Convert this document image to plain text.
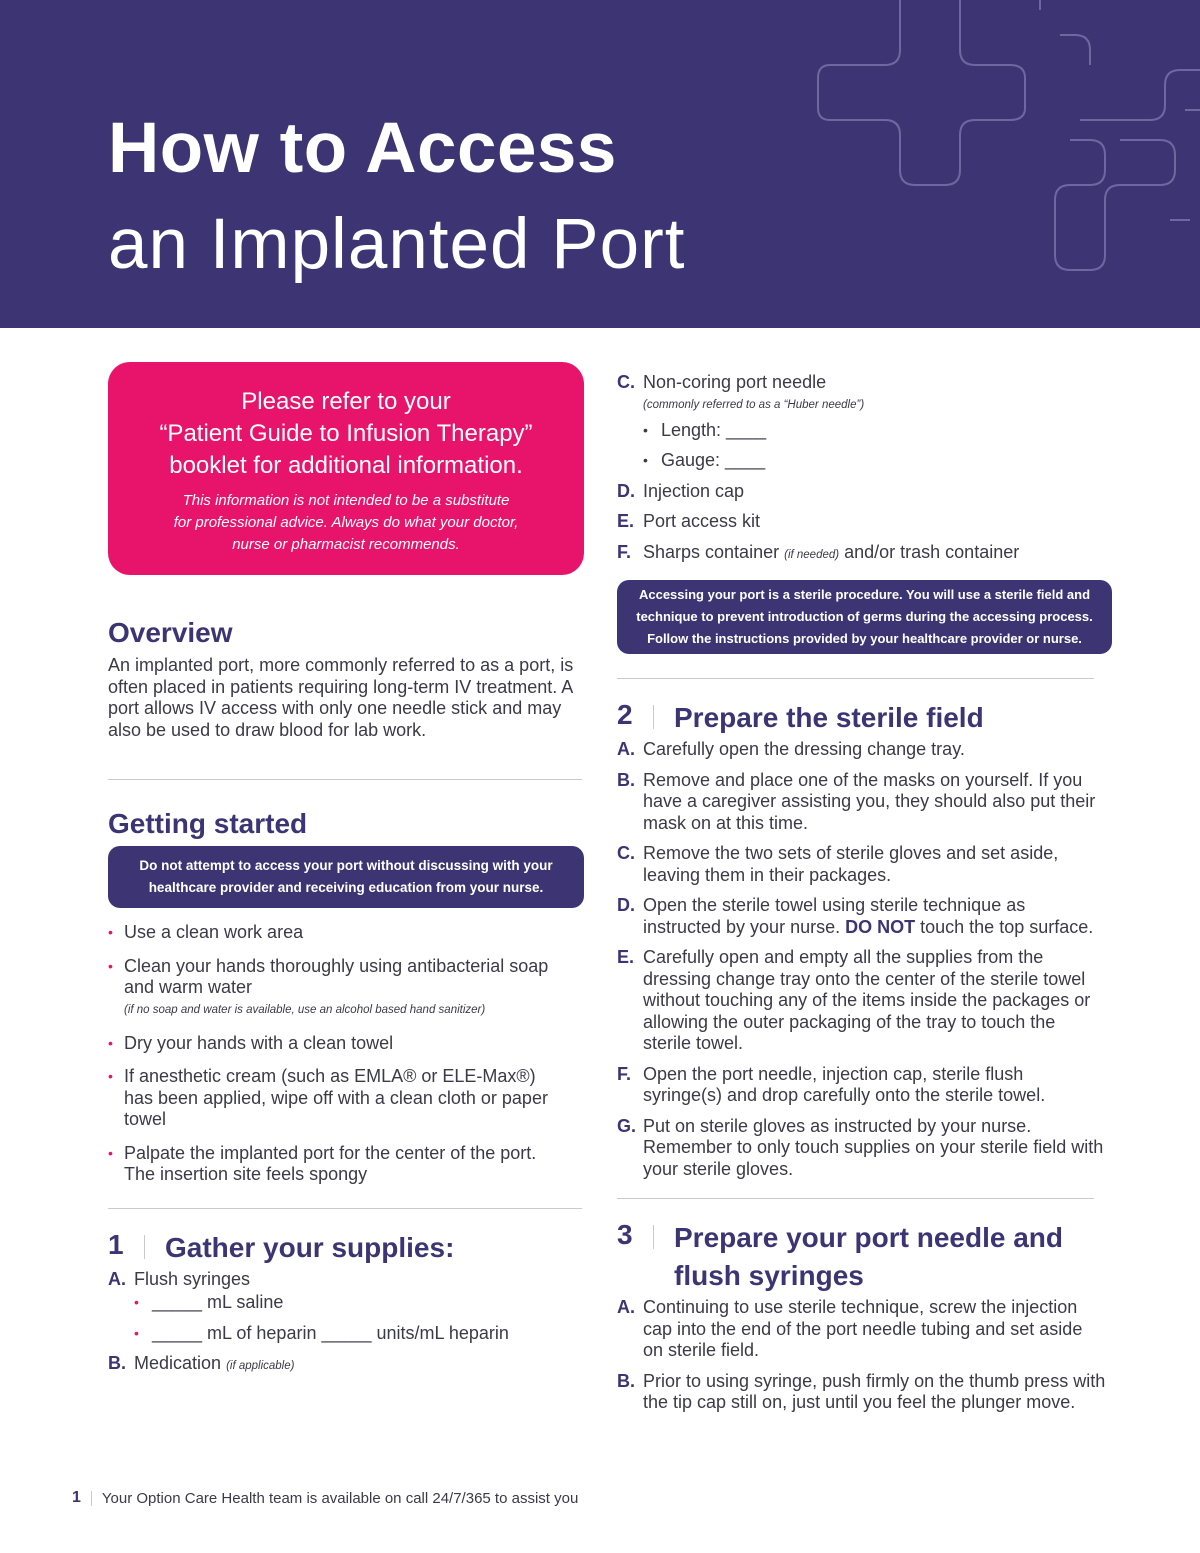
How to Access
an Implanted Port
Please refer to your
“Patient Guide to Infusion Therapy”
booklet for additional information.
This information is not intended to be a substitute
for professional advice. Always do what your doctor,
nurse or pharmacist recommends.
Overview
An implanted port, more commonly referred to as a port, is often placed in patients requiring long-term IV treatment. A port allows IV access with only one needle stick and may also be used to draw blood for lab work.
Getting started
Do not attempt to access your port without discussing with your
healthcare provider and receiving education from your nurse.
• Use a clean work area
• Clean your hands thoroughly using antibacterial soap and warm water
(if no soap and water is available, use an alcohol based hand sanitizer)
• Dry your hands with a clean towel
• If anesthetic cream (such as EMLA® or ELE-Max®) has been applied, wipe off with a clean cloth or paper towel
• Palpate the implanted port for the center of the port. The insertion site feels spongy
1	Gather your supplies:
A. Flush syringes
• _____ mL saline
• _____ mL of heparin _____ units/mL heparin
B. Medication (if applicable)
C. Non-coring port needle
(commonly referred to as a “Huber needle”)
• Length: ____
• Gauge: ____
D. Injection cap
E. Port access kit
F. Sharps container (if needed) and/or trash container
Accessing your port is a sterile procedure. You will use a sterile field and
technique to prevent introduction of germs during the accessing process.
Follow the instructions provided by your healthcare provider or nurse.
2	Prepare the sterile field
A. Carefully open the dressing change tray.
B. Remove and place one of the masks on yourself. If you have a caregiver assisting you, they should also put their mask on at this time.
C. Remove the two sets of sterile gloves and set aside, leaving them in their packages.
D. Open the sterile towel using sterile technique as instructed by your nurse. DO NOT touch the top surface.
E. Carefully open and empty all the supplies from the dressing change tray onto the center of the sterile towel without touching any of the items inside the packages or allowing the outer packaging of the tray to touch the sterile towel.
F. Open the port needle, injection cap, sterile flush syringe(s) and drop carefully onto the sterile towel.
G. Put on sterile gloves as instructed by your nurse. Remember to only touch supplies on your sterile field with your sterile gloves.
3	Prepare your port needle and
flush syringes
A. Continuing to use sterile technique, screw the injection cap into the end of the port needle tubing and set aside on sterile field.
B. Prior to using syringe, push firmly on the thumb press with the tip cap still on, just until you feel the plunger move.
1 Your Option Care Health team is available on call 24/7/365 to assist you
